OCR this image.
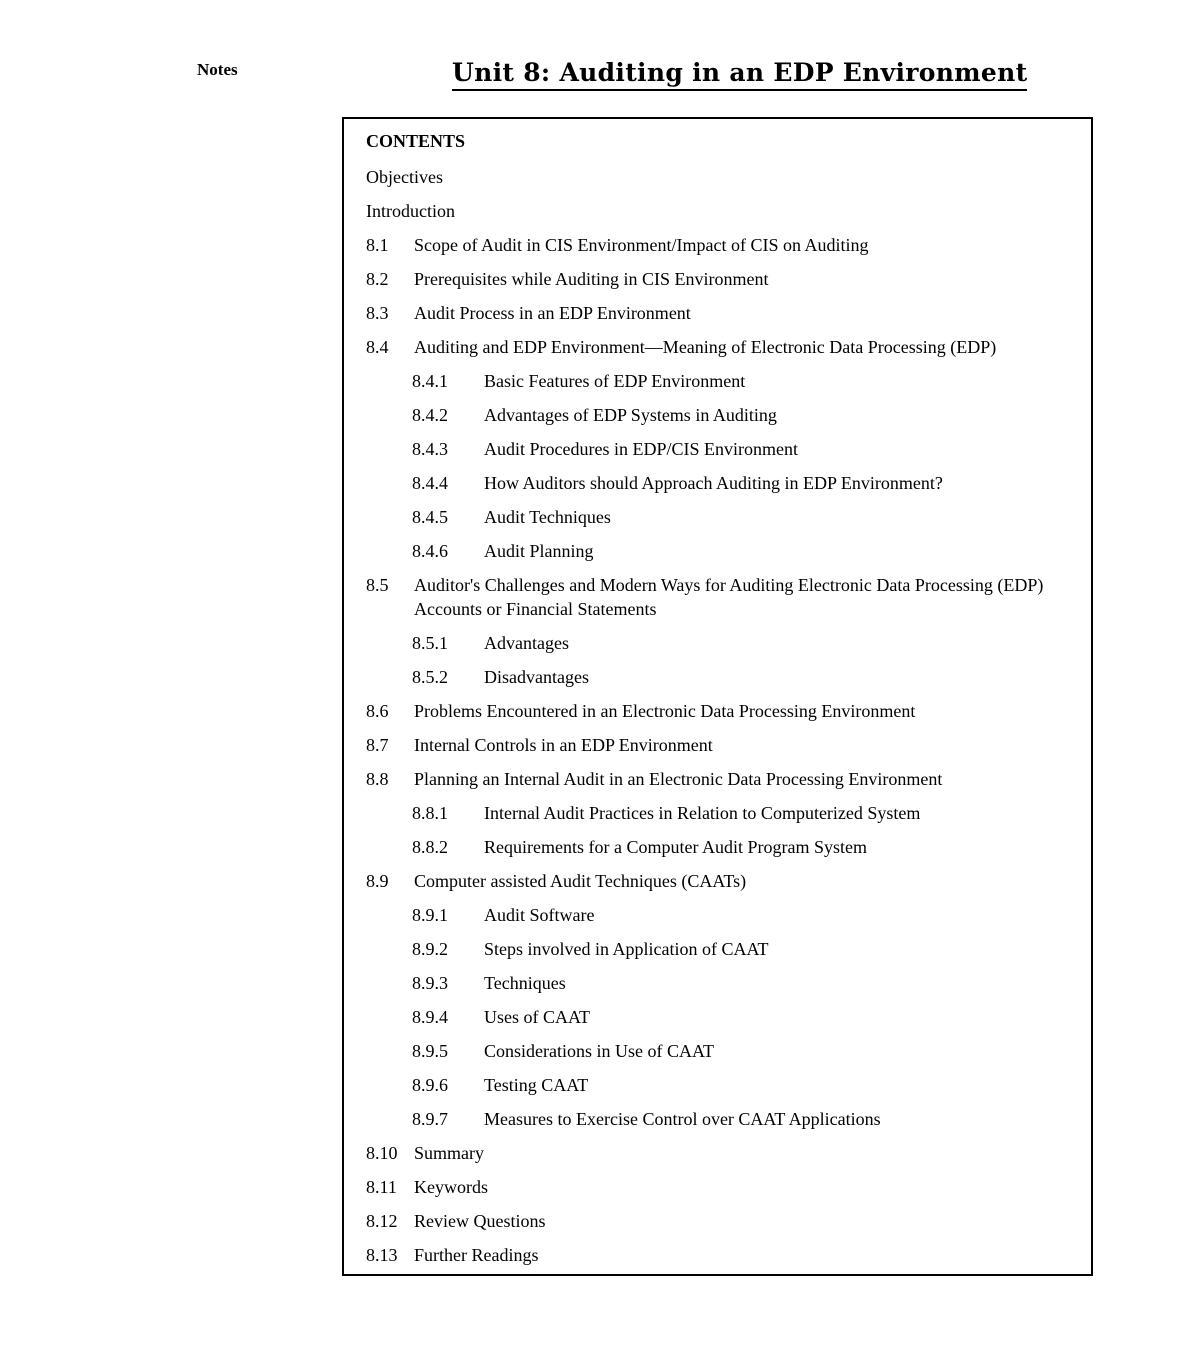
Notes	Unit 8: Auditing in an EDP Environment
CONTENTS
Objectives
Introduction
8.1 Scope of Audit in CIS Environment/Impact of CIS on Auditing
8.2 Prerequisites while Auditing in CIS Environment
8.3 Audit Process in an EDP Environment
8.4 Auditing and EDP Environment—Meaning of Electronic Data Processing (EDP)
8.4.1 Basic Features of EDP Environment
8.4.2 Advantages of EDP Systems in Auditing
8.4.3 Audit Procedures in EDP/CIS Environment
8.4.4 How Auditors should Approach Auditing in EDP Environment?
8.4.5 Audit Techniques
8.4.6 Audit Planning
8.5 Auditor's Challenges and Modern Ways for Auditing Electronic Data Processing (EDP) Accounts or Financial Statements
8.5.1 Advantages
8.5.2 Disadvantages
8.6 Problems Encountered in an Electronic Data Processing Environment
8.7 Internal Controls in an EDP Environment
8.8 Planning an Internal Audit in an Electronic Data Processing Environment
8.8.1 Internal Audit Practices in Relation to Computerized System
8.8.2 Requirements for a Computer Audit Program System
8.9 Computer assisted Audit Techniques (CAATs)
8.9.1 Audit Software
8.9.2 Steps involved in Application of CAAT
8.9.3 Techniques
8.9.4 Uses of CAAT
8.9.5 Considerations in Use of CAAT
8.9.6 Testing CAAT
8.9.7 Measures to Exercise Control over CAAT Applications
8.10 Summary
8.11 Keywords
8.12 Review Questions
8.13 Further Readings
